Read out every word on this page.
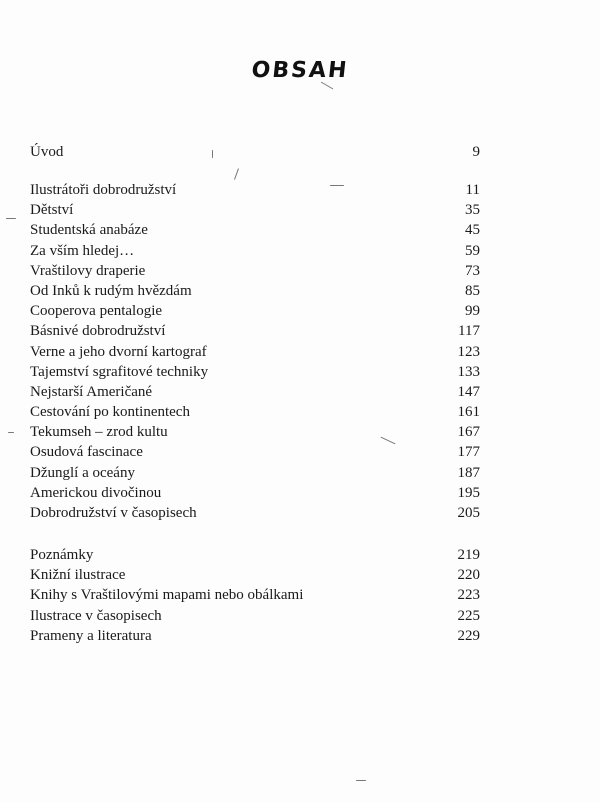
OBSAH
Úvod	9
Ilustrátoři dobrodružství	11
Dětství	35
Studentská anabáze	45
Za vším hledej…	59
Vraštilovy draperie	73
Od Inků k rudým hvězdám	85
Cooperova pentalogie	99
Básnivé dobrodružství	117
Verne a jeho dvorní kartograf	123
Tajemství sgrafitové techniky	133
Nejstarší Američané	147
Cestování po kontinentech	161
Tekumseh – zrod kultu	167
Osudová fascinace	177
Džunglí a oceány	187
Americkou divočinou	195
Dobrodružství v časopisech	205
Poznámky	219
Knižní ilustrace	220
Knihy s Vraštilovými mapami nebo obálkami	223
Ilustrace v časopisech	225
Prameny a literatura	229
